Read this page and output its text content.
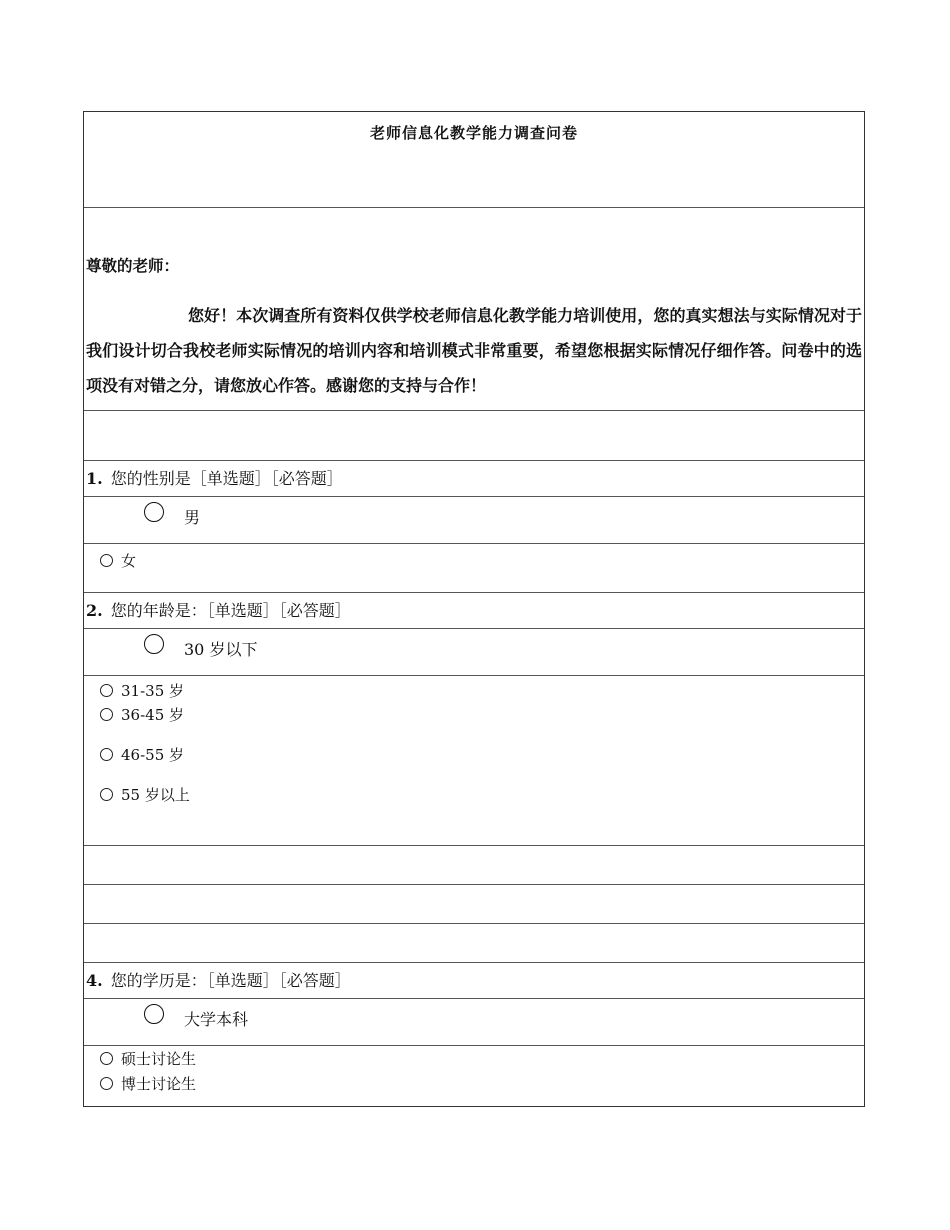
老师信息化教学能力调查问卷
尊敬的老师：
您好！本次调查所有资料仅供学校老师信息化教学能力培训使用，您的真实想法与实际情况对于我们设计切合我校老师实际情况的培训内容和培训模式非常重要，希望您根据实际情况仔细作答。问卷中的选项没有对错之分，请您放心作答。感谢您的支持与合作！
1. 您的性别是［单选题］［必答题］
男
女
2. 您的年龄是：［单选题］［必答题］
30 岁以下
31-35 岁
36-45 岁
46-55 岁
55 岁以上
4. 您的学历是：［单选题］［必答题］
大学本科
硕士讨论生
博士讨论生
